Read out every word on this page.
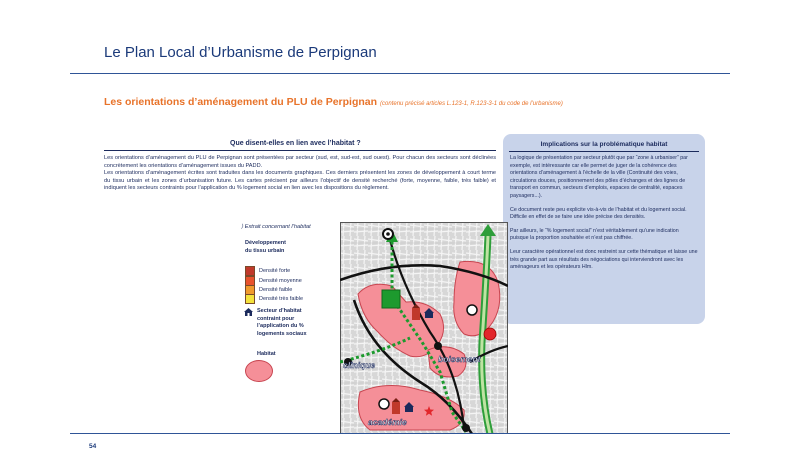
Le Plan Local d’Urbanisme de Perpignan
Les orientations d’aménagement du PLU de Perpignan (contenu précisé articles L.123-1, R.123-3-1 du code de l’urbanisme)
Que disent-elles en lien avec l’habitat ?

Les orientations d’aménagement du PLU de Perpignan sont présentées par secteur (sud, est, sud-est, sud ouest). Pour chacun des secteurs sont déclinées concrètement les orientations d’aménagement issues du PADD.

Les orientations d’aménagement écrites sont traduites dans les documents graphiques. Ces derniers présentent les zones de développement à court terme du tissu urbain et les zones d’urbanisation future. Les cartes précisent par ailleurs l’objectif de densité recherché (forte, moyenne, faible, très faible) et indiquent les secteurs contraints pour l’application du % logement social en lien avec les dispositions du règlement.

Implications sur la problématique habitat

La logique de présentation par secteur plutôt que par “zone à urbaniser” par exemple, est intéressante car elle permet de juger de la cohérence des orientations d’aménagement à l’échelle de la ville (Continuité des voies, circulations douces, positionnement des pôles d’échanges et des lignes de transport en commun, secteurs d’emplois, espaces de centralité, espaces paysagers...).

Ce document reste peu explicite vis-à-vis de l’habitat et du logement social. Difficile en effet de se faire une idée précise des densités.

Par ailleurs, le “% logement social” n’est véritablement qu’une indication puisque la proportion souhaitée et n’est pas chiffrée.

Leur caractère opérationnel est donc restreint sur cette thématique et laisse une très grande part aux résultats des négociations qui interviendront avec les aménageurs et les opérateurs Hlm.

⟩ Extrait concernant l’habitat
Développement
du tissu urbain
Densité forte
Densité moyenne
Densité faible
Densité très faible
Secteur d’habitat
contraint pour
l’application du %
logements sociaux
Habitat
clinique
boisement
académie
54
